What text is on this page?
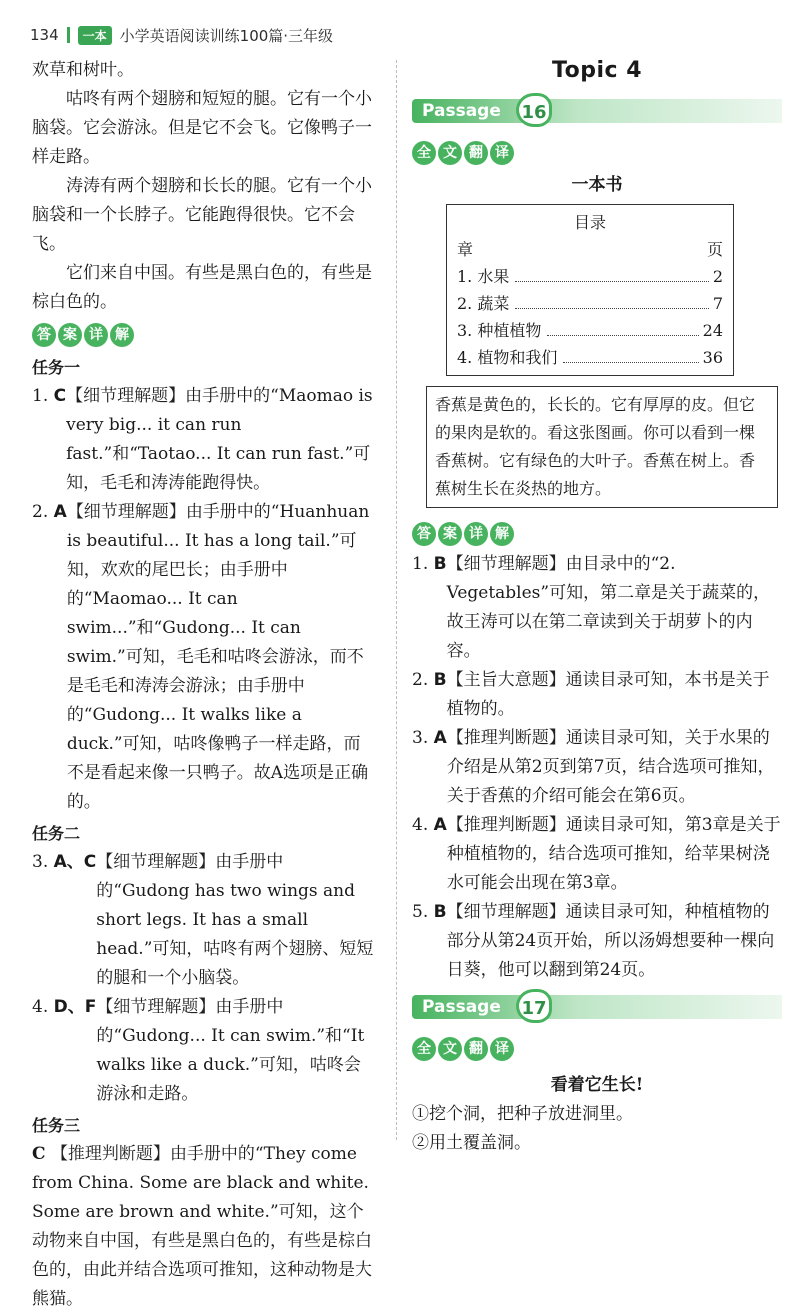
134	一本 小学英语阅读训练100篇·三年级

欢草和树叶。

咕咚有两个翅膀和短短的腿。它有一个小脑袋。它会游泳。但是它不会飞。它像鸭子一样走路。

涛涛有两个翅膀和长长的腿。它有一个小脑袋和一个长脖子。它能跑得很快。它不会飞。

它们来自中国。有些是黑白色的，有些是棕白色的。

答 案 详 解
任务一
1. C 【细节理解题】由手册中的“Maomao is very big... it can run fast.”和“Taotao... It can run fast.”可知，毛毛和涛涛能跑得快。
2. A 【细节理解题】由手册中的“Huanhuan is beautiful... It has a long tail.”可知，欢欢的尾巴长；由手册中的“Maomao... It can swim...”和“Gudong... It can swim.”可知，毛毛和咕咚会游泳，而不是毛毛和涛涛会游泳；由手册中的“Gudong... It walks like a duck.”可知，咕咚像鸭子一样走路，而不是看起来像一只鸭子。故A选项是正确的。
任务二
3. A、C 【细节理解题】由手册中的“Gudong has two wings and short legs. It has a small head.”可知，咕咚有两个翅膀、短短的腿和一个小脑袋。
4. D、F 【细节理解题】由手册中的“Gudong... It can swim.”和“It walks like a duck.”可知，咕咚会游泳和走路。
任务三

C 【推理判断题】由手册中的“They come from China. Some are black and white. Some are brown and white.”可知，这个动物来自中国，有些是黑白色的，有些是棕白色的，由此并结合选项可推知，这种动物是大熊猫。

Topic 4
Passage	16
全 文 翻 译
一本书
目录
章	页
1. 水果	2
2. 蔬菜	7
3. 种植植物	24
4. 植物和我们	36
香蕉是黄色的，长长的。它有厚厚的皮。但它的果肉是软的。看这张图画。你可以看到一棵香蕉树。它有绿色的大叶子。香蕉在树上。香蕉树生长在炎热的地方。
答 案 详 解
1. B 【细节理解题】由目录中的“2. Vegetables”可知，第二章是关于蔬菜的，故王涛可以在第二章读到关于胡萝卜的内容。
2. B 【主旨大意题】通读目录可知，本书是关于植物的。
3. A 【推理判断题】通读目录可知，关于水果的介绍是从第2页到第7页，结合选项可推知，关于香蕉的介绍可能会在第6页。
4. A 【推理判断题】通读目录可知，第3章是关于种植植物的，结合选项可推知，给苹果树浇水可能会出现在第3章。
5. B 【细节理解题】通读目录可知，种植植物的部分从第24页开始，所以汤姆想要种一棵向日葵，他可以翻到第24页。
Passage	17
全 文 翻 译
看着它生长!

①挖个洞，把种子放进洞里。

②用土覆盖洞。
